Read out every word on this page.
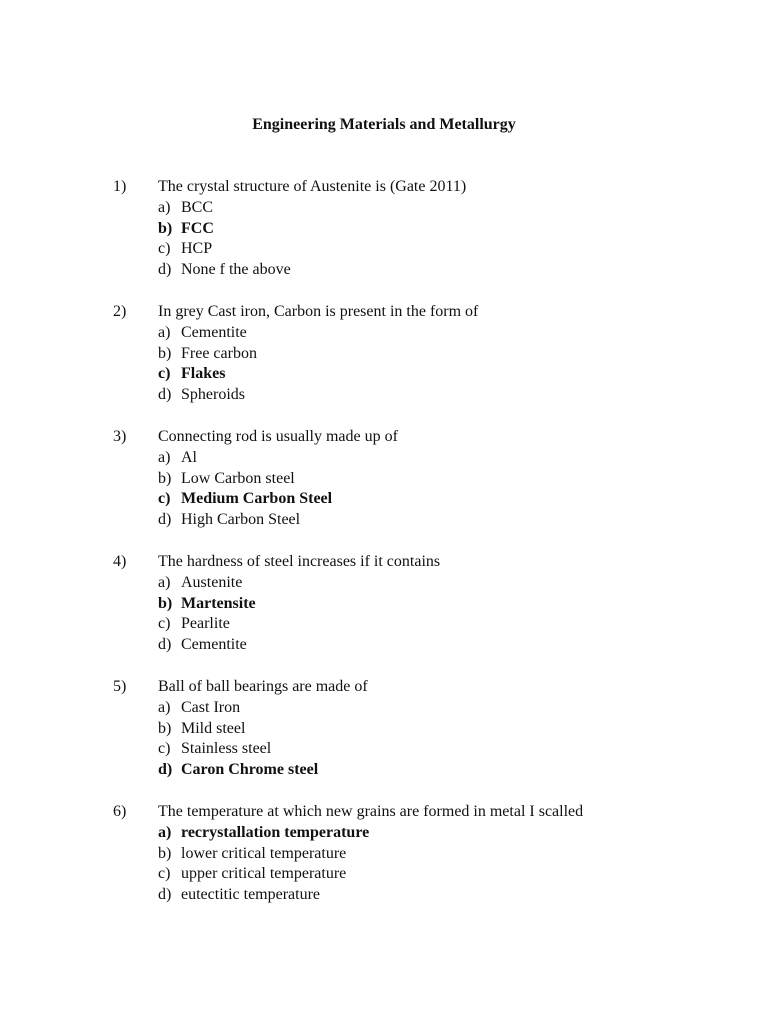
Engineering Materials and Metallurgy
1) The crystal structure of Austenite is (Gate 2011)
a) BCC
b) FCC
c) HCP
d) None f the above
2) In grey Cast iron, Carbon is present in the form of
a) Cementite
b) Free carbon
c) Flakes
d) Spheroids
3) Connecting rod is usually made up of
a) Al
b) Low Carbon steel
c) Medium Carbon Steel
d) High Carbon Steel
4) The hardness of steel increases if it contains
a) Austenite
b) Martensite
c) Pearlite
d) Cementite
5) Ball of ball bearings are made of
a) Cast Iron
b) Mild steel
c) Stainless steel
d) Caron Chrome steel
6) The temperature at which new grains are formed in metal I scalled
a) recrystallation temperature
b) lower critical temperature
c) upper critical temperature
d) eutectitic temperature
